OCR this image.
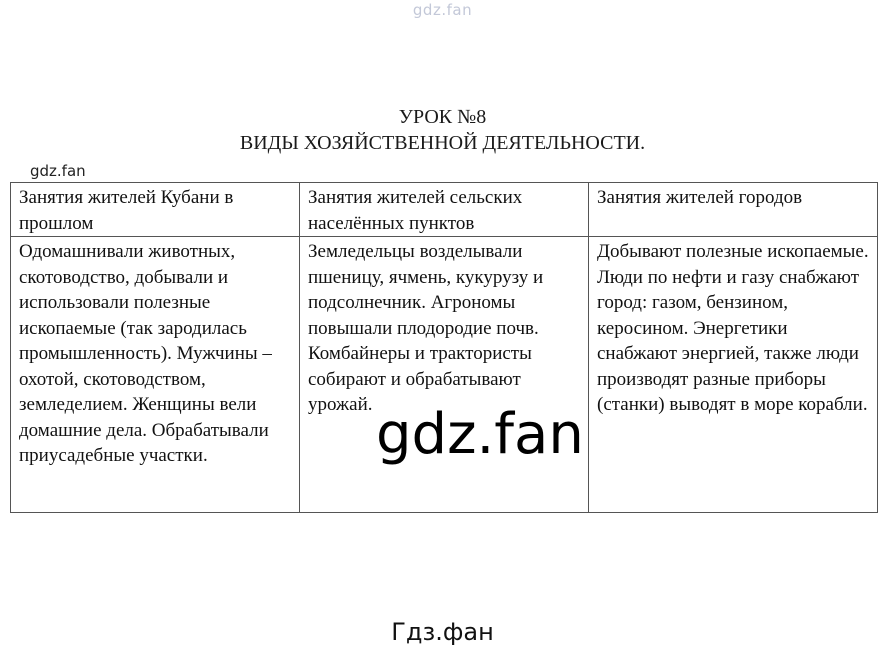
gdz.fan
УРОК №8
ВИДЫ ХОЗЯЙСТВЕННОЙ ДЕЯТЕЛЬНОСТИ.
gdz.fan
Занятия жителей Кубани в прошлом	Занятия жителей сельских населённых пунктов	Занятия жителей городов
Одомашнивали животных, скотоводство, добывали и использовали полезные ископаемые (так зародилась промышленность). Мужчины – охотой, скотоводством, земледелием. Женщины вели домашние дела. Обрабатывали приусадебные участки.	Земледельцы возделывали пшеницу, ячмень, кукурузу и подсолнечник. Агрономы повышали плодородие почв. Комбайнеры и трактористы собирают и обрабатывают урожай.	Добывают полезные ископаемые. Люди по нефти и газу снабжают город: газом, бензином, керосином. Энергетики снабжают энергией, также люди производят разные приборы (станки) выводят в море корабли.
gdz.fan
Гдз.фан
